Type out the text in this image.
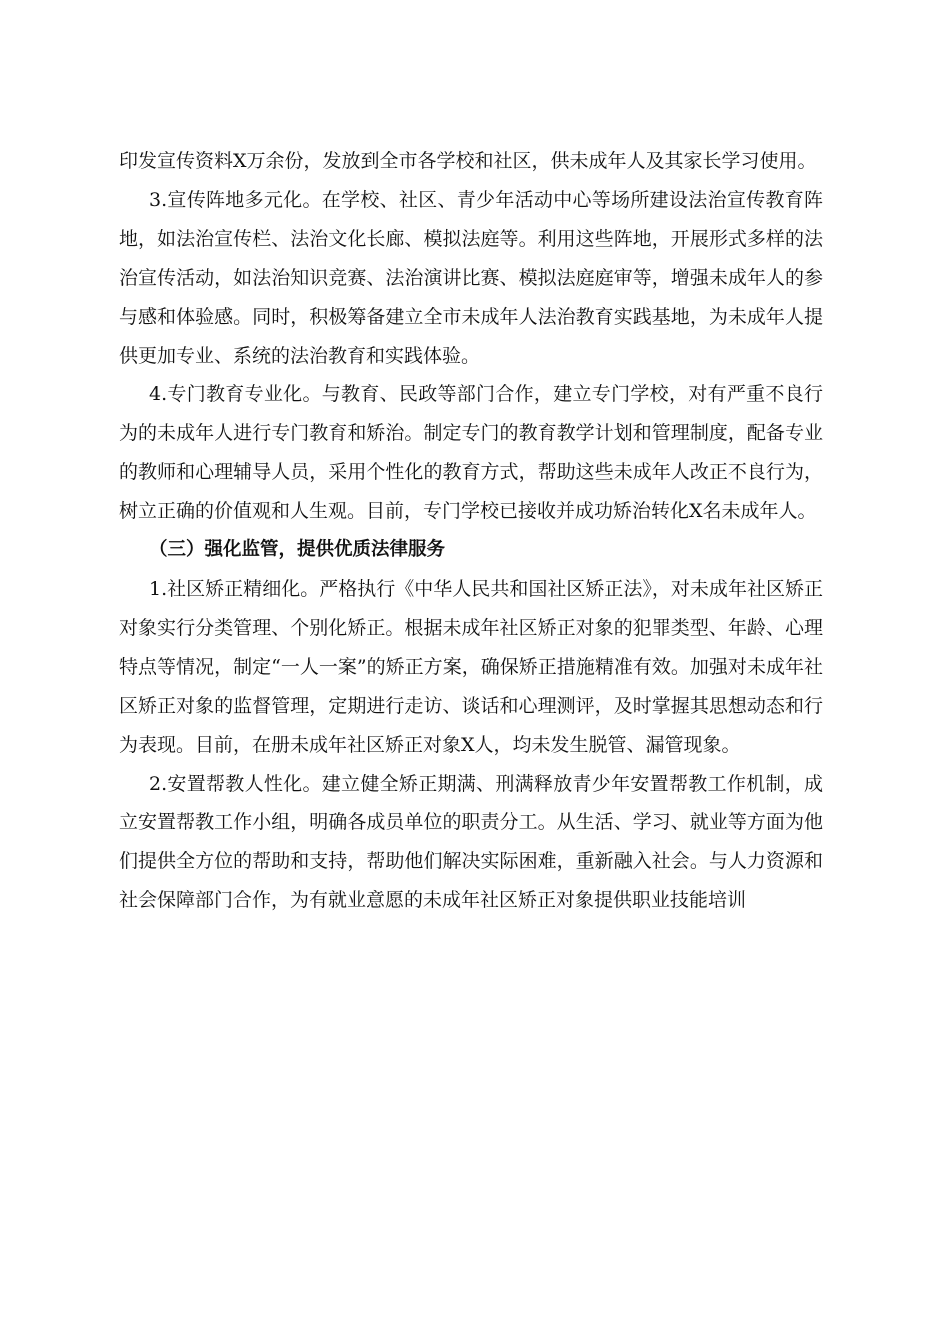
印发宣传资料X万余份，发放到全市各学校和社区，供未成年人及其家长学习使用。

3.宣传阵地多元化。在学校、社区、青少年活动中心等场所建设法治宣传教育阵地，如法治宣传栏、法治文化长廊、模拟法庭等。利用这些阵地，开展形式多样的法治宣传活动，如法治知识竞赛、法治演讲比赛、模拟法庭庭审等，增强未成年人的参与感和体验感。同时，积极筹备建立全市未成年人法治教育实践基地，为未成年人提供更加专业、系统的法治教育和实践体验。

4.专门教育专业化。与教育、民政等部门合作，建立专门学校，对有严重不良行为的未成年人进行专门教育和矫治。制定专门的教育教学计划和管理制度，配备专业的教师和心理辅导人员，采用个性化的教育方式，帮助这些未成年人改正不良行为，树立正确的价值观和人生观。目前，专门学校已接收并成功矫治转化X名未成年人。

（三）强化监管，提供优质法律服务

1.社区矫正精细化。严格执行《中华人民共和国社区矫正法》，对未成年社区矫正对象实行分类管理、个别化矫正。根据未成年社区矫正对象的犯罪类型、年龄、心理特点等情况，制定“一人一案”的矫正方案，确保矫正措施精准有效。加强对未成年社区矫正对象的监督管理，定期进行走访、谈话和心理测评，及时掌握其思想动态和行为表现。目前，在册未成年社区矫正对象X人，均未发生脱管、漏管现象。

2.安置帮教人性化。建立健全矫正期满、刑满释放青少年安置帮教工作机制，成立安置帮教工作小组，明确各成员单位的职责分工。从生活、学习、就业等方面为他们提供全方位的帮助和支持，帮助他们解决实际困难，重新融入社会。与人力资源和社会保障部门合作，为有就业意愿的未成年社区矫正对象提供职业技能培训
